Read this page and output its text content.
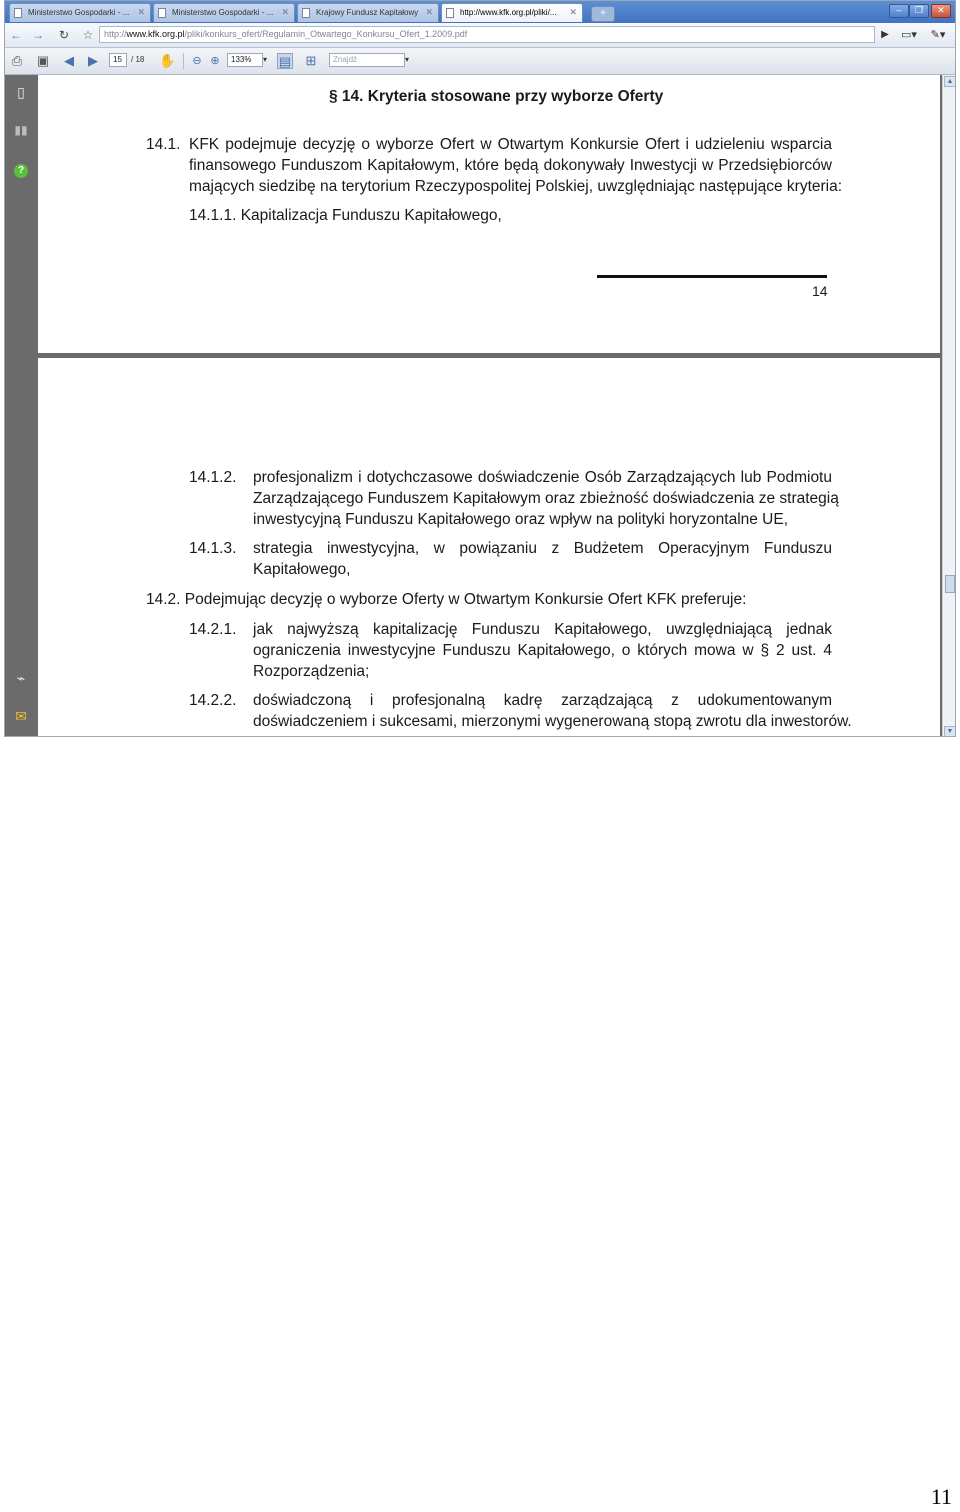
Ministerstwo Gospodarki - ... ✕	Ministerstwo Gospodarki - ... ✕	Krajowy Fundusz Kapitałowy ✕	http://www.kfk.org.pl/pliki/... ✕	+	–	❐	✕
← → ↻ ☆	http://www.kfk.org.pl/pliki/konkurs_ofert/Regulamin_Otwartego_Konkursu_Ofert_1.2009.pdf	▶ ▭▾	✎▾
⎙ ▣ ◀ ▶	15	/ 18 ✋	⊖ ⊕	133%	▾ ▤ ⊞	Znajdź	▾
▯
▮▮
?
⌁
✉
§ 14. Kryteria stosowane przy wyborze Oferty
14.1. KFK podejmuje decyzję o wyborze Ofert w Otwartym Konkursie Ofert i udzieleniu wsparcia
finansowego Funduszom Kapitałowym, które będą dokonywały Inwestycji w Przedsiębiorców
mających siedzibę na terytorium Rzeczypospolitej Polskiej, uwzględniając następujące kryteria:
14.1.1. Kapitalizacja Funduszu Kapitałowego,
14
14.1.2. profesjonalizm i dotychczasowe doświadczenie Osób Zarządzających lub Podmiotu
Zarządzającego Funduszem Kapitałowym oraz zbieżność doświadczenia ze strategią
inwestycyjną Funduszu Kapitałowego oraz wpływ na polityki horyzontalne UE,
14.1.3. strategia inwestycyjna, w powiązaniu z Budżetem Operacyjnym Funduszu
Kapitałowego,
14.2. Podejmując decyzję o wyborze Oferty w Otwartym Konkursie Ofert KFK preferuje:
14.2.1. jak najwyższą kapitalizację Funduszu Kapitałowego, uwzględniającą jednak
ograniczenia inwestycyjne Funduszu Kapitałowego, o których mowa w § 2 ust. 4
Rozporządzenia;
14.2.2. doświadczoną i profesjonalną kadrę zarządzającą z udokumentowanym
doświadczeniem i sukcesami, mierzonymi wygenerowaną stopą zwrotu dla inwestorów.
▲
▼
11
